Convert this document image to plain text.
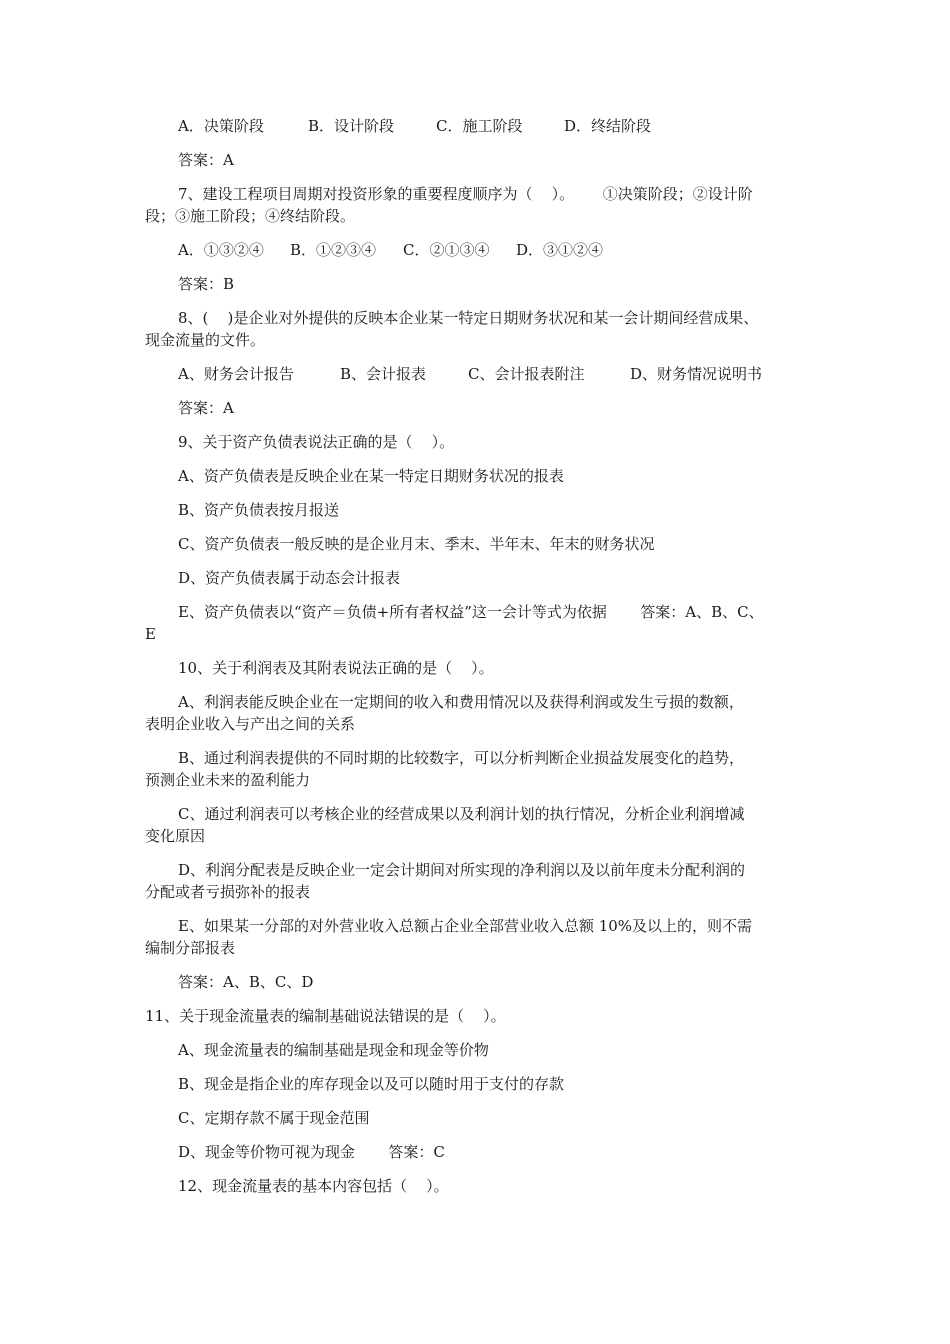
A．决策阶段	B．设计阶段	C．施工阶段	D．终结阶段
答案：A
7、建设工程项目周期对投资形象的重要程度顺序为（    ）。      ①决策阶段；②设计阶
段；③施工阶段；④终结阶段。
A．①③②④ B．①②③④ C．②①③④ D．③①②④
答案：B
8、(    )是企业对外提供的反映本企业某一特定日期财务状况和某一会计期间经营成果、
现金流量的文件。
A、财务会计报告	B、会计报表	C、会计报表附注	D、财务情况说明书
答案：A
9、关于资产负债表说法正确的是（    ）。
A、资产负债表是反映企业在某一特定日期财务状况的报表
B、资产负债表按月报送
C、资产负债表一般反映的是企业月末、季末、半年末、年末的财务状况
D、资产负债表属于动态会计报表
E、资产负债表以“资产＝负债+所有者权益”这一会计等式为依据       答案：A、B、C、
E
10、关于利润表及其附表说法正确的是（    ）。
A、利润表能反映企业在一定期间的收入和费用情况以及获得利润或发生亏损的数额，
表明企业收入与产出之间的关系
B、通过利润表提供的不同时期的比较数字，可以分析判断企业损益发展变化的趋势，
预测企业未来的盈利能力
C、通过利润表可以考核企业的经营成果以及利润计划的执行情况，分析企业利润增减
变化原因
D、利润分配表是反映企业一定会计期间对所实现的净利润以及以前年度未分配利润的
分配或者亏损弥补的报表
E、如果某一分部的对外营业收入总额占企业全部营业收入总额 10%及以上的，则不需
编制分部报表
答案：A、B、C、D
11、关于现金流量表的编制基础说法错误的是（    ）。
A、现金流量表的编制基础是现金和现金等价物
B、现金是指企业的库存现金以及可以随时用于支付的存款
C、定期存款不属于现金范围
D、现金等价物可视为现金       答案：C
12、现金流量表的基本内容包括（    ）。
